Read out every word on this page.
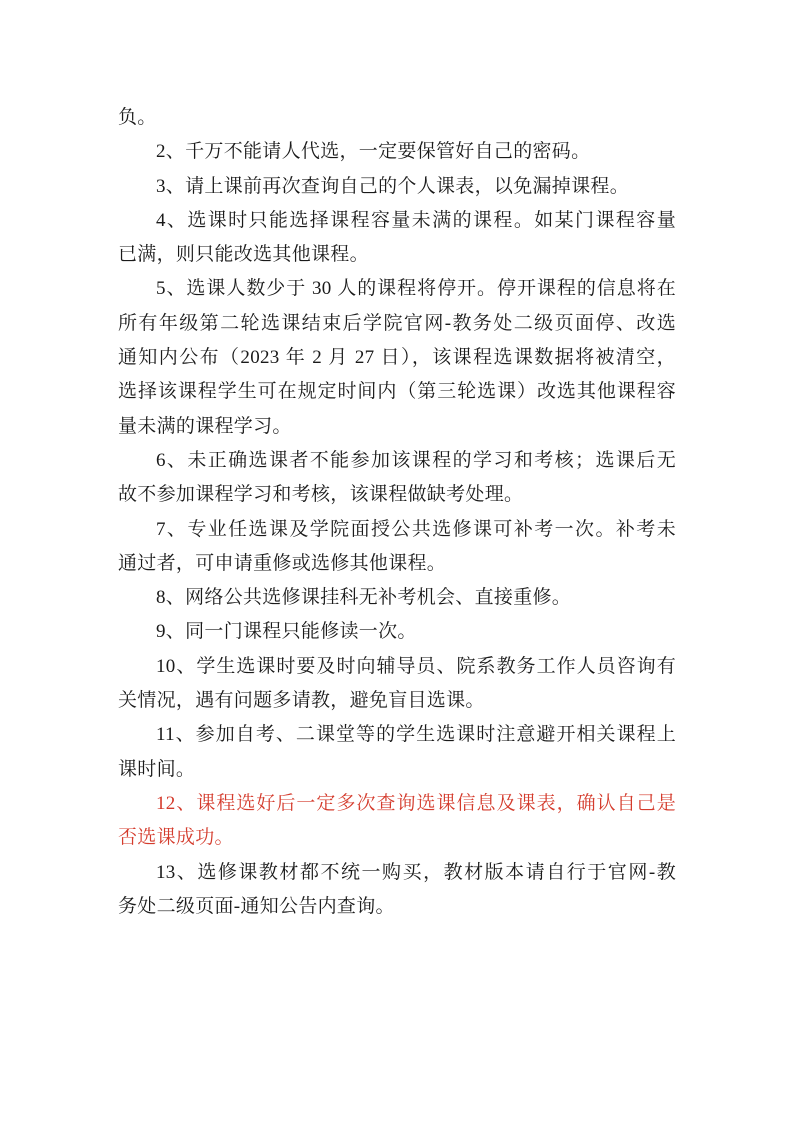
负。
2、千万不能请人代选，一定要保管好自己的密码。
3、请上课前再次查询自己的个人课表，以免漏掉课程。
4、选课时只能选择课程容量未满的课程。如某门课程容量
已满，则只能改选其他课程。
5、选课人数少于 30 人的课程将停开。停开课程的信息将在
所有年级第二轮选课结束后学院官网-教务处二级页面停、改选
通知内公布（2023 年 2 月 27 日），该课程选课数据将被清空，
选择该课程学生可在规定时间内（第三轮选课）改选其他课程容
量未满的课程学习。
6、未正确选课者不能参加该课程的学习和考核；选课后无
故不参加课程学习和考核，该课程做缺考处理。
7、专业任选课及学院面授公共选修课可补考一次。补考未
通过者，可申请重修或选修其他课程。
8、网络公共选修课挂科无补考机会、直接重修。
9、同一门课程只能修读一次。
10、学生选课时要及时向辅导员、院系教务工作人员咨询有
关情况，遇有问题多请教，避免盲目选课。
11、参加自考、二课堂等的学生选课时注意避开相关课程上
课时间。
12、课程选好后一定多次查询选课信息及课表，确认自己是
否选课成功。
13、选修课教材都不统一购买，教材版本请自行于官网-教
务处二级页面-通知公告内查询。
